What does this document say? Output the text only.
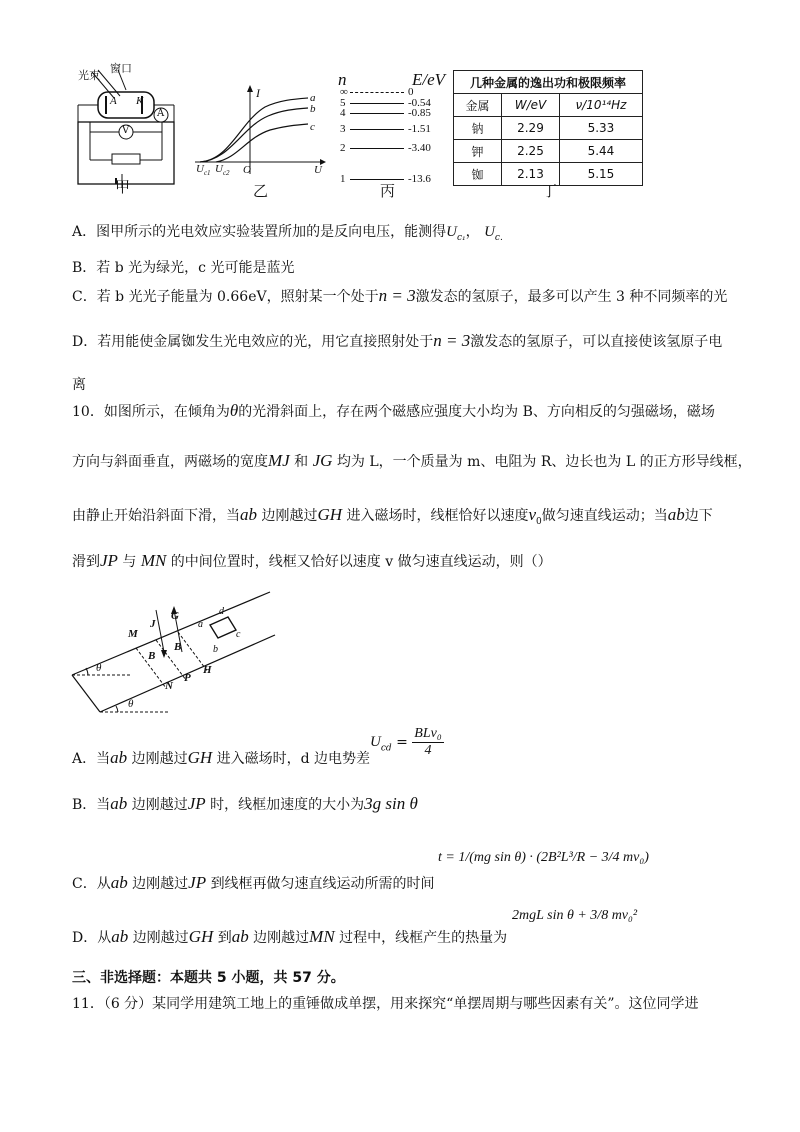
光束
窗口
A K
V
A
甲
I	a
b
c
$U_{c1}$ $U_{c2}$ O	U
乙
n	E/eV
∞	0
5	-0.54
4	-0.85
3	-1.51
2	-3.40
1	-13.6
丙
几种金属的逸出功和极限频率		
金属	W/eV	ν/10¹⁴Hz
钠	2.29	5.33
钾	2.25	5.44
铷	2.13	5.15
丁
A．图甲所示的光电效应实验装置所加的是反向电压，能测得$U_{c_1}$， $U_{c.}$
B．若 b 光为绿光，c 光可能是蓝光
C．若 b 光光子能量为 0.66eV，照射某一个处于n = 3激发态的氢原子，最多可以产生 3 种不同频率的光
D．若用能使金属铷发生光电效应的光，用它直接照射处于n = 3激发态的氢原子，可以直接使该氢原子电
离
10．如图所示，在倾角为θ的光滑斜面上，存在两个磁感应强度大小均为 B、方向相反的匀强磁场，磁场
方向与斜面垂直，两磁场的宽度MJ 和 JG 均为 L，一个质量为 m、电阻为 R、边长也为 L 的正方形导线框，
由静止开始沿斜面下滑，当ab 边刚越过GH 进入磁场时，线框恰好以速度$v_0$做匀速直线运动；当ab边下
滑到JP 与 MN 的中间位置时，线框又恰好以速度 v 做匀速直线运动，则（）
M
J
G
B
B
a
b
c
d
N
P
H
θ
θ
A．当ab 边刚越过GH 进入磁场时，d 边电势差
$U_{cd} = \frac{\text{BLv₀}}{4}$
B．当ab 边刚越过JP 时，线框加速度的大小为3g sin θ
C．从ab 边刚越过JP 到线框再做匀速直线运动所需的时间
t = 1/(mg sin θ) · (2B²L³/R − 3/4 mv₀)
D．从ab 边刚越过GH 到ab 边刚越过MN 过程中，线框产生的热量为
2mgL sin θ + 3/8 mv₀²
三、非选择题：本题共 5 小题，共 57 分。
11．（6 分）某同学用建筑工地上的重锤做成单摆，用来探究“单摆周期与哪些因素有关”。这位同学进
